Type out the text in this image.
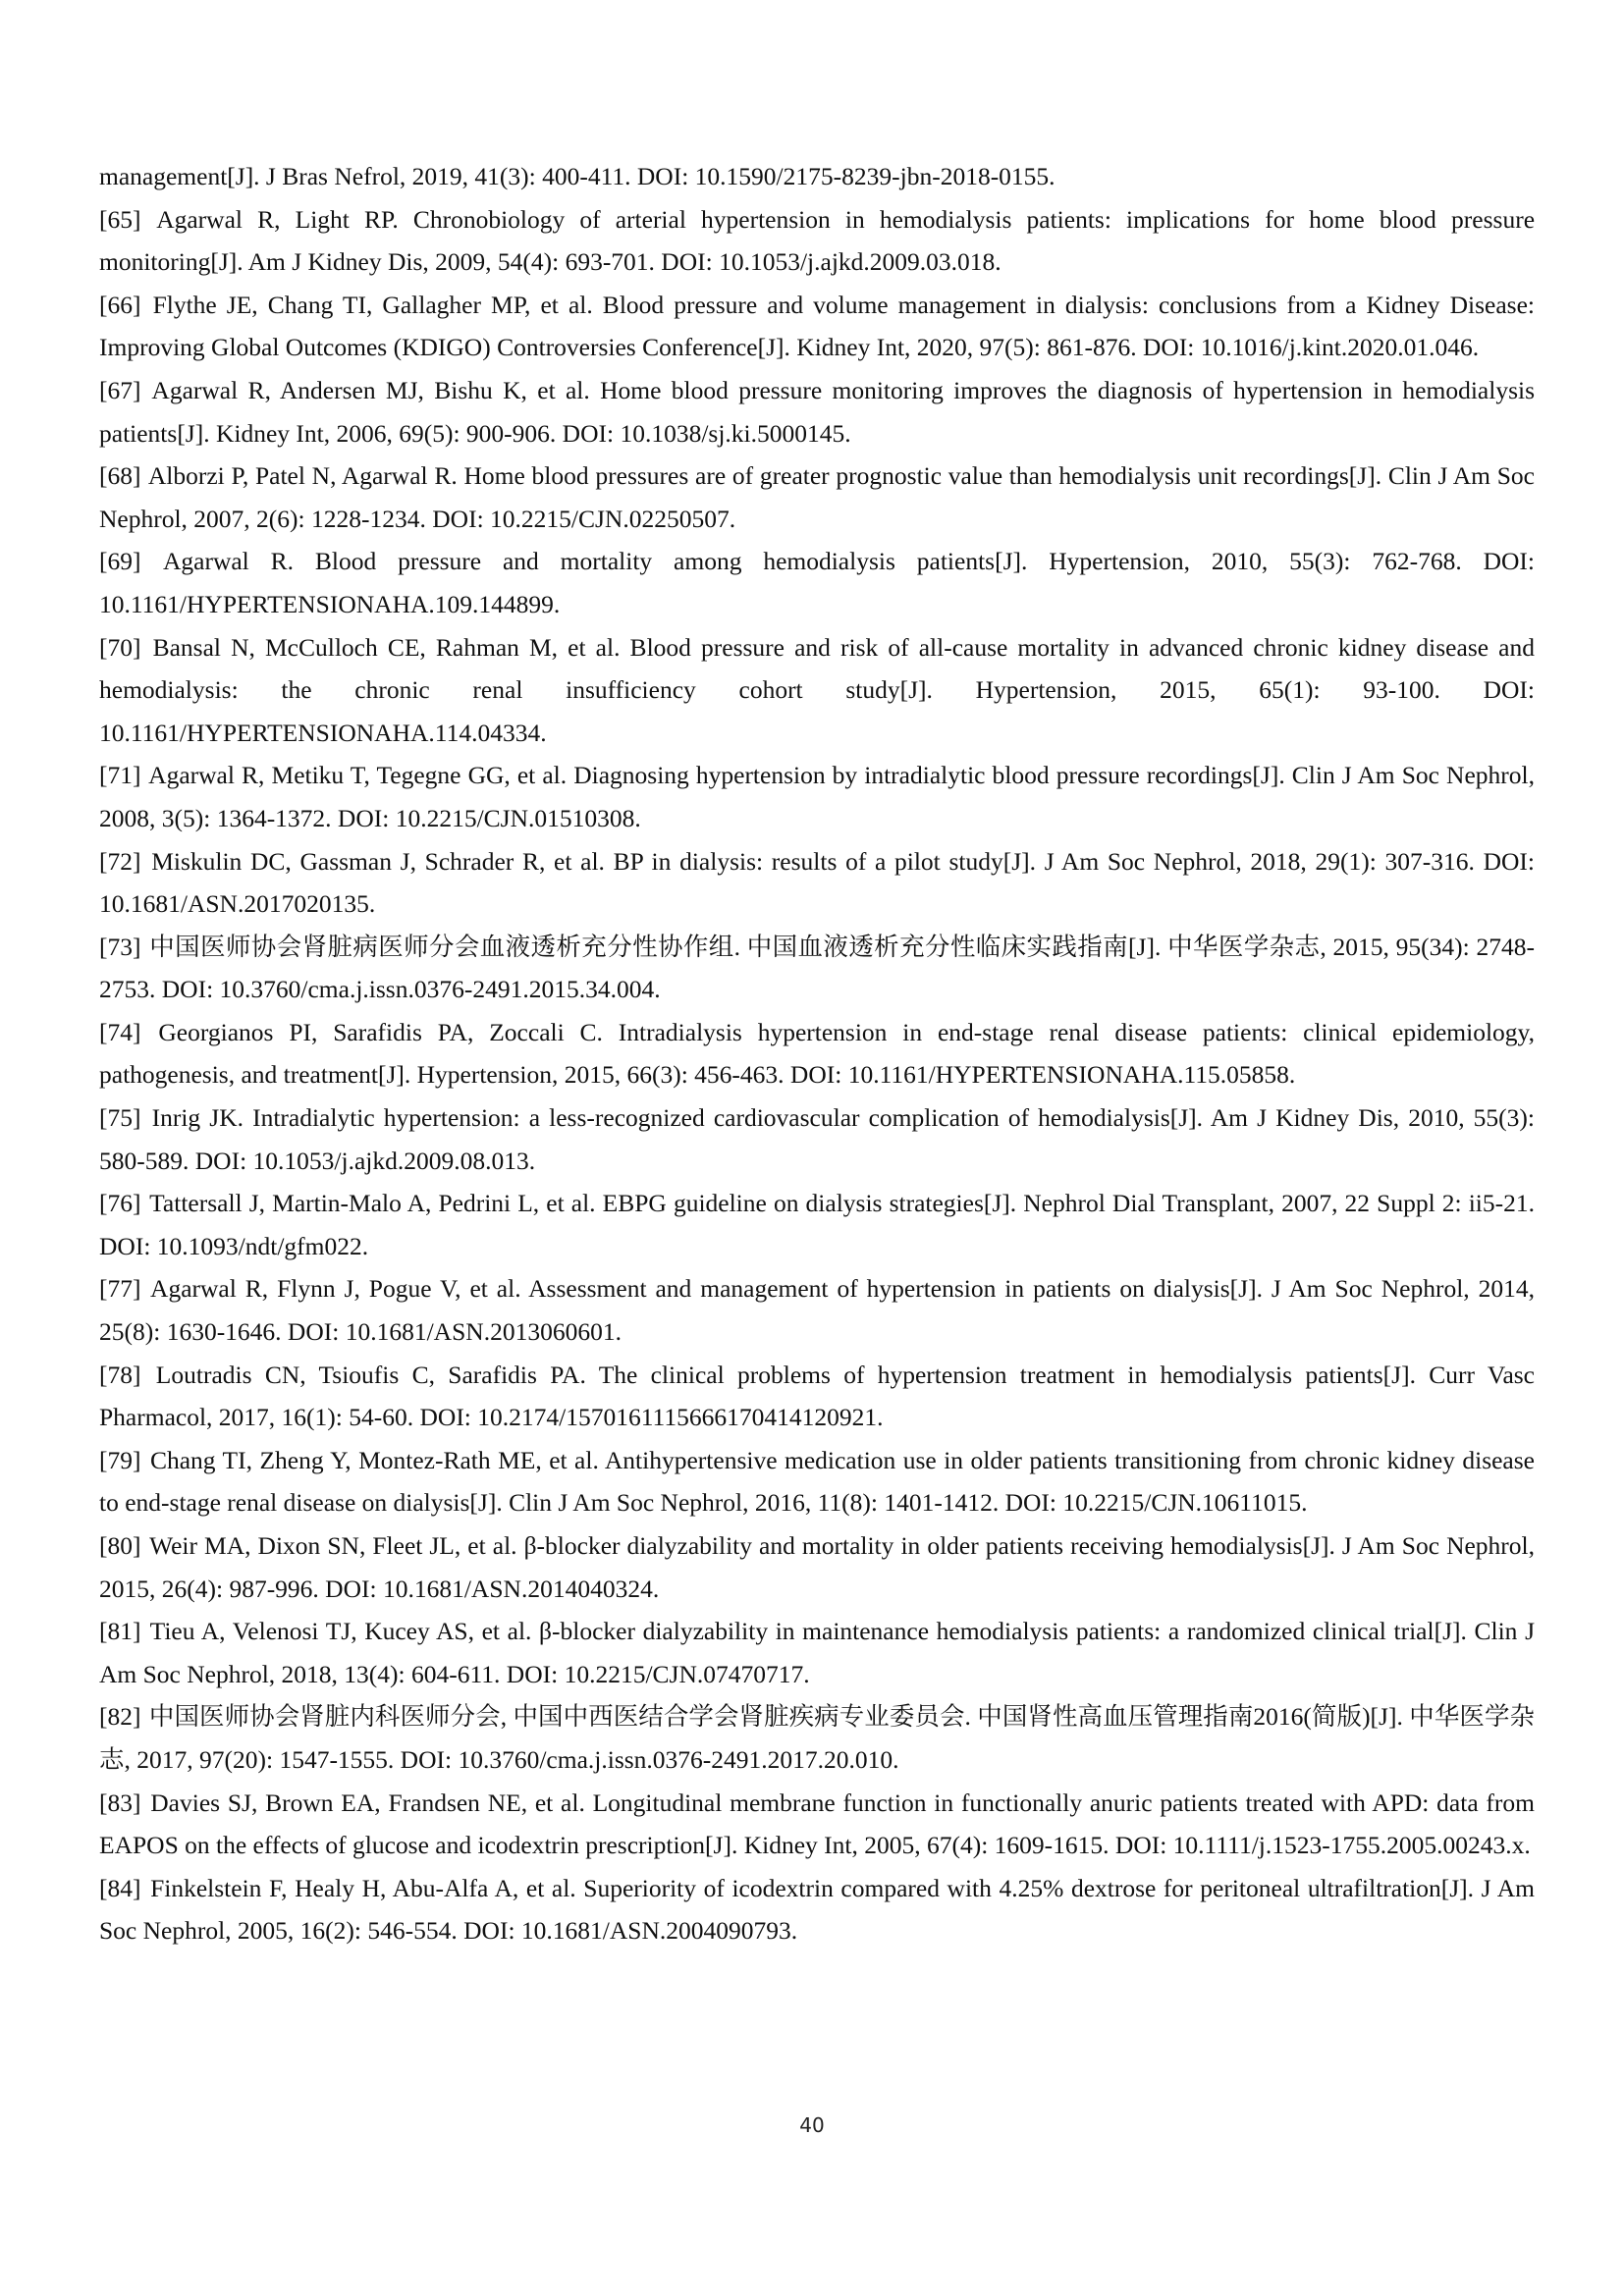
management[J]. J Bras Nefrol, 2019, 41(3): 400-411. DOI: 10.1590/2175-8239-jbn-2018-0155.

[65] Agarwal R, Light RP. Chronobiology of arterial hypertension in hemodialysis patients: implications for home blood pressure monitoring[J]. Am J Kidney Dis, 2009, 54(4): 693-701. DOI: 10.1053/j.ajkd.2009.03.018.

[66] Flythe JE, Chang TI, Gallagher MP, et al. Blood pressure and volume management in dialysis: conclusions from a Kidney Disease: Improving Global Outcomes (KDIGO) Controversies Conference[J]. Kidney Int, 2020, 97(5): 861-876. DOI: 10.1016/j.kint.2020.01.046.

[67] Agarwal R, Andersen MJ, Bishu K, et al. Home blood pressure monitoring improves the diagnosis of hypertension in hemodialysis patients[J]. Kidney Int, 2006, 69(5): 900-906. DOI: 10.1038/sj.ki.5000145.

[68] Alborzi P, Patel N, Agarwal R. Home blood pressures are of greater prognostic value than hemodialysis unit recordings[J]. Clin J Am Soc Nephrol, 2007, 2(6): 1228-1234. DOI: 10.2215/CJN.02250507.

[69] Agarwal R. Blood pressure and mortality among hemodialysis patients[J]. Hypertension, 2010, 55(3): 762-768. DOI: 10.1161/HYPERTENSIONAHA.109.144899.

[70] Bansal N, McCulloch CE, Rahman M, et al. Blood pressure and risk of all-cause mortality in advanced chronic kidney disease and hemodialysis: the chronic renal insufficiency cohort study[J]. Hypertension, 2015, 65(1): 93-100. DOI: 10.1161/HYPERTENSIONAHA.114.04334.

[71] Agarwal R, Metiku T, Tegegne GG, et al. Diagnosing hypertension by intradialytic blood pressure recordings[J]. Clin J Am Soc Nephrol, 2008, 3(5): 1364-1372. DOI: 10.2215/CJN.01510308.

[72] Miskulin DC, Gassman J, Schrader R, et al. BP in dialysis: results of a pilot study[J]. J Am Soc Nephrol, 2018, 29(1): 307-316. DOI: 10.1681/ASN.2017020135.

[73] 中国医师协会肾脏病医师分会血液透析充分性协作组. 中国血液透析充分性临床实践指南[J]. 中华医学杂志, 2015, 95(34): 2748-2753. DOI: 10.3760/cma.j.issn.0376-2491.2015.34.004.

[74] Georgianos PI, Sarafidis PA, Zoccali C. Intradialysis hypertension in end-stage renal disease patients: clinical epidemiology, pathogenesis, and treatment[J]. Hypertension, 2015, 66(3): 456-463. DOI: 10.1161/HYPERTENSIONAHA.115.05858.

[75] Inrig JK. Intradialytic hypertension: a less-recognized cardiovascular complication of hemodialysis[J]. Am J Kidney Dis, 2010, 55(3): 580-589. DOI: 10.1053/j.ajkd.2009.08.013.

[76] Tattersall J, Martin-Malo A, Pedrini L, et al. EBPG guideline on dialysis strategies[J]. Nephrol Dial Transplant, 2007, 22 Suppl 2: ii5-21. DOI: 10.1093/ndt/gfm022.

[77] Agarwal R, Flynn J, Pogue V, et al. Assessment and management of hypertension in patients on dialysis[J]. J Am Soc Nephrol, 2014, 25(8): 1630-1646. DOI: 10.1681/ASN.2013060601.

[78] Loutradis CN, Tsioufis C, Sarafidis PA. The clinical problems of hypertension treatment in hemodialysis patients[J]. Curr Vasc Pharmacol, 2017, 16(1): 54-60. DOI: 10.2174/1570161115666170414120921.

[79] Chang TI, Zheng Y, Montez-Rath ME, et al. Antihypertensive medication use in older patients transitioning from chronic kidney disease to end-stage renal disease on dialysis[J]. Clin J Am Soc Nephrol, 2016, 11(8): 1401-1412. DOI: 10.2215/CJN.10611015.

[80] Weir MA, Dixon SN, Fleet JL, et al. β-blocker dialyzability and mortality in older patients receiving hemodialysis[J]. J Am Soc Nephrol, 2015, 26(4): 987-996. DOI: 10.1681/ASN.2014040324.

[81] Tieu A, Velenosi TJ, Kucey AS, et al. β-blocker dialyzability in maintenance hemodialysis patients: a randomized clinical trial[J]. Clin J Am Soc Nephrol, 2018, 13(4): 604-611. DOI: 10.2215/CJN.07470717.

[82] 中国医师协会肾脏内科医师分会, 中国中西医结合学会肾脏疾病专业委员会. 中国肾性高血压管理指南2016(简版)[J]. 中华医学杂志, 2017, 97(20): 1547-1555. DOI: 10.3760/cma.j.issn.0376-2491.2017.20.010.

[83] Davies SJ, Brown EA, Frandsen NE, et al. Longitudinal membrane function in functionally anuric patients treated with APD: data from EAPOS on the effects of glucose and icodextrin prescription[J]. Kidney Int, 2005, 67(4): 1609-1615. DOI: 10.1111/j.1523-1755.2005.00243.x.

[84] Finkelstein F, Healy H, Abu-Alfa A, et al. Superiority of icodextrin compared with 4.25% dextrose for peritoneal ultrafiltration[J]. J Am Soc Nephrol, 2005, 16(2): 546-554. DOI: 10.1681/ASN.2004090793.

40
